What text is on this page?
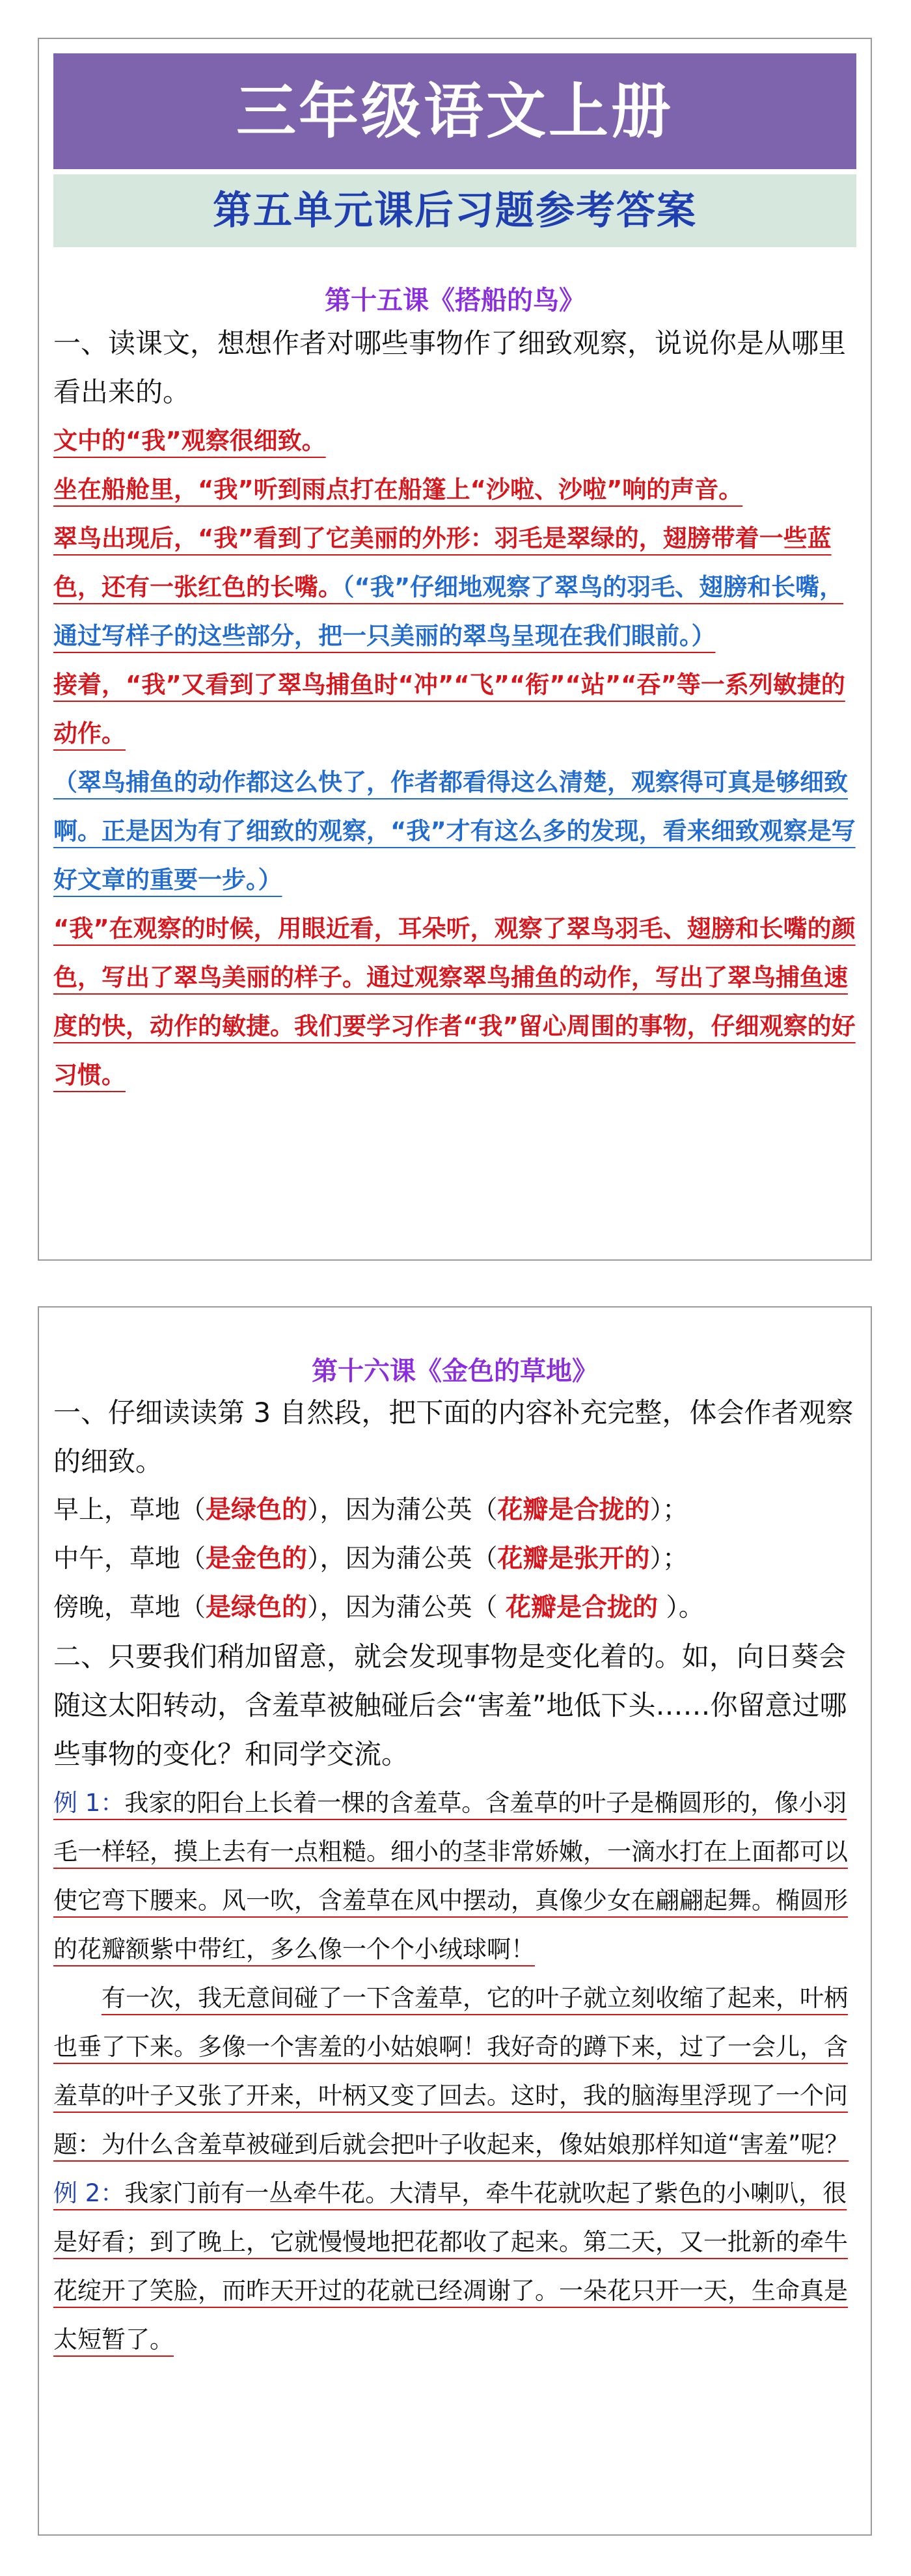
三年级语文上册
第五单元课后习题参考答案
第十五课《搭船的鸟》

一、读课文，想想作者对哪些事物作了细致观察，说说你是从哪里看出来的。

文中的“我”观察很细致。

坐在船舱里，“我”听到雨点打在船篷上“沙啦、沙啦”响的声音。

翠鸟出现后，“我”看到了它美丽的外形：羽毛是翠绿的，翅膀带着一些蓝色，还有一张红色的长嘴。（“我”仔细地观察了翠鸟的羽毛、翅膀和长嘴，通过写样子的这些部分，把一只美丽的翠鸟呈现在我们眼前。）

接着，“我”又看到了翠鸟捕鱼时“冲”“飞”“衔”“站”“吞”等一系列敏捷的动作。

（翠鸟捕鱼的动作都这么快了，作者都看得这么清楚，观察得可真是够细致啊。正是因为有了细致的观察，“我”才有这么多的发现，看来细致观察是写好文章的重要一步。）

“我”在观察的时候，用眼近看，耳朵听，观察了翠鸟羽毛、翅膀和长嘴的颜色，写出了翠鸟美丽的样子。通过观察翠鸟捕鱼的动作，写出了翠鸟捕鱼速度的快，动作的敏捷。我们要学习作者“我”留心周围的事物，仔细观察的好习惯。

第十六课《金色的草地》

一、仔细读读第 3 自然段，把下面的内容补充完整，体会作者观察的细致。

早上，草地（是绿色的），因为蒲公英（花瓣是合拢的）；

中午，草地（是金色的），因为蒲公英（花瓣是张开的）；

傍晚，草地（是绿色的），因为蒲公英（ 花瓣是合拢的 ）。

二、只要我们稍加留意，就会发现事物是变化着的。如，向日葵会随这太阳转动，含羞草被触碰后会“害羞”地低下头……你留意过哪些事物的变化？和同学交流。

例 1：我家的阳台上长着一棵的含羞草。含羞草的叶子是椭圆形的，像小羽毛一样轻，摸上去有一点粗糙。细小的茎非常娇嫩，一滴水打在上面都可以使它弯下腰来。风一吹，含羞草在风中摆动，真像少女在翩翩起舞。椭圆形的花瓣额紫中带红，多么像一个个小绒球啊！

有一次，我无意间碰了一下含羞草，它的叶子就立刻收缩了起来，叶柄也垂了下来。多像一个害羞的小姑娘啊！我好奇的蹲下来，过了一会儿，含羞草的叶子又张了开来，叶柄又变了回去。这时，我的脑海里浮现了一个问题：为什么含羞草被碰到后就会把叶子收起来，像姑娘那样知道“害羞”呢？

例 2：我家门前有一丛牵牛花。大清早，牵牛花就吹起了紫色的小喇叭，很是好看；到了晚上，它就慢慢地把花都收了起来。第二天，又一批新的牵牛花绽开了笑脸，而昨天开过的花就已经凋谢了。一朵花只开一天，生命真是太短暂了。
